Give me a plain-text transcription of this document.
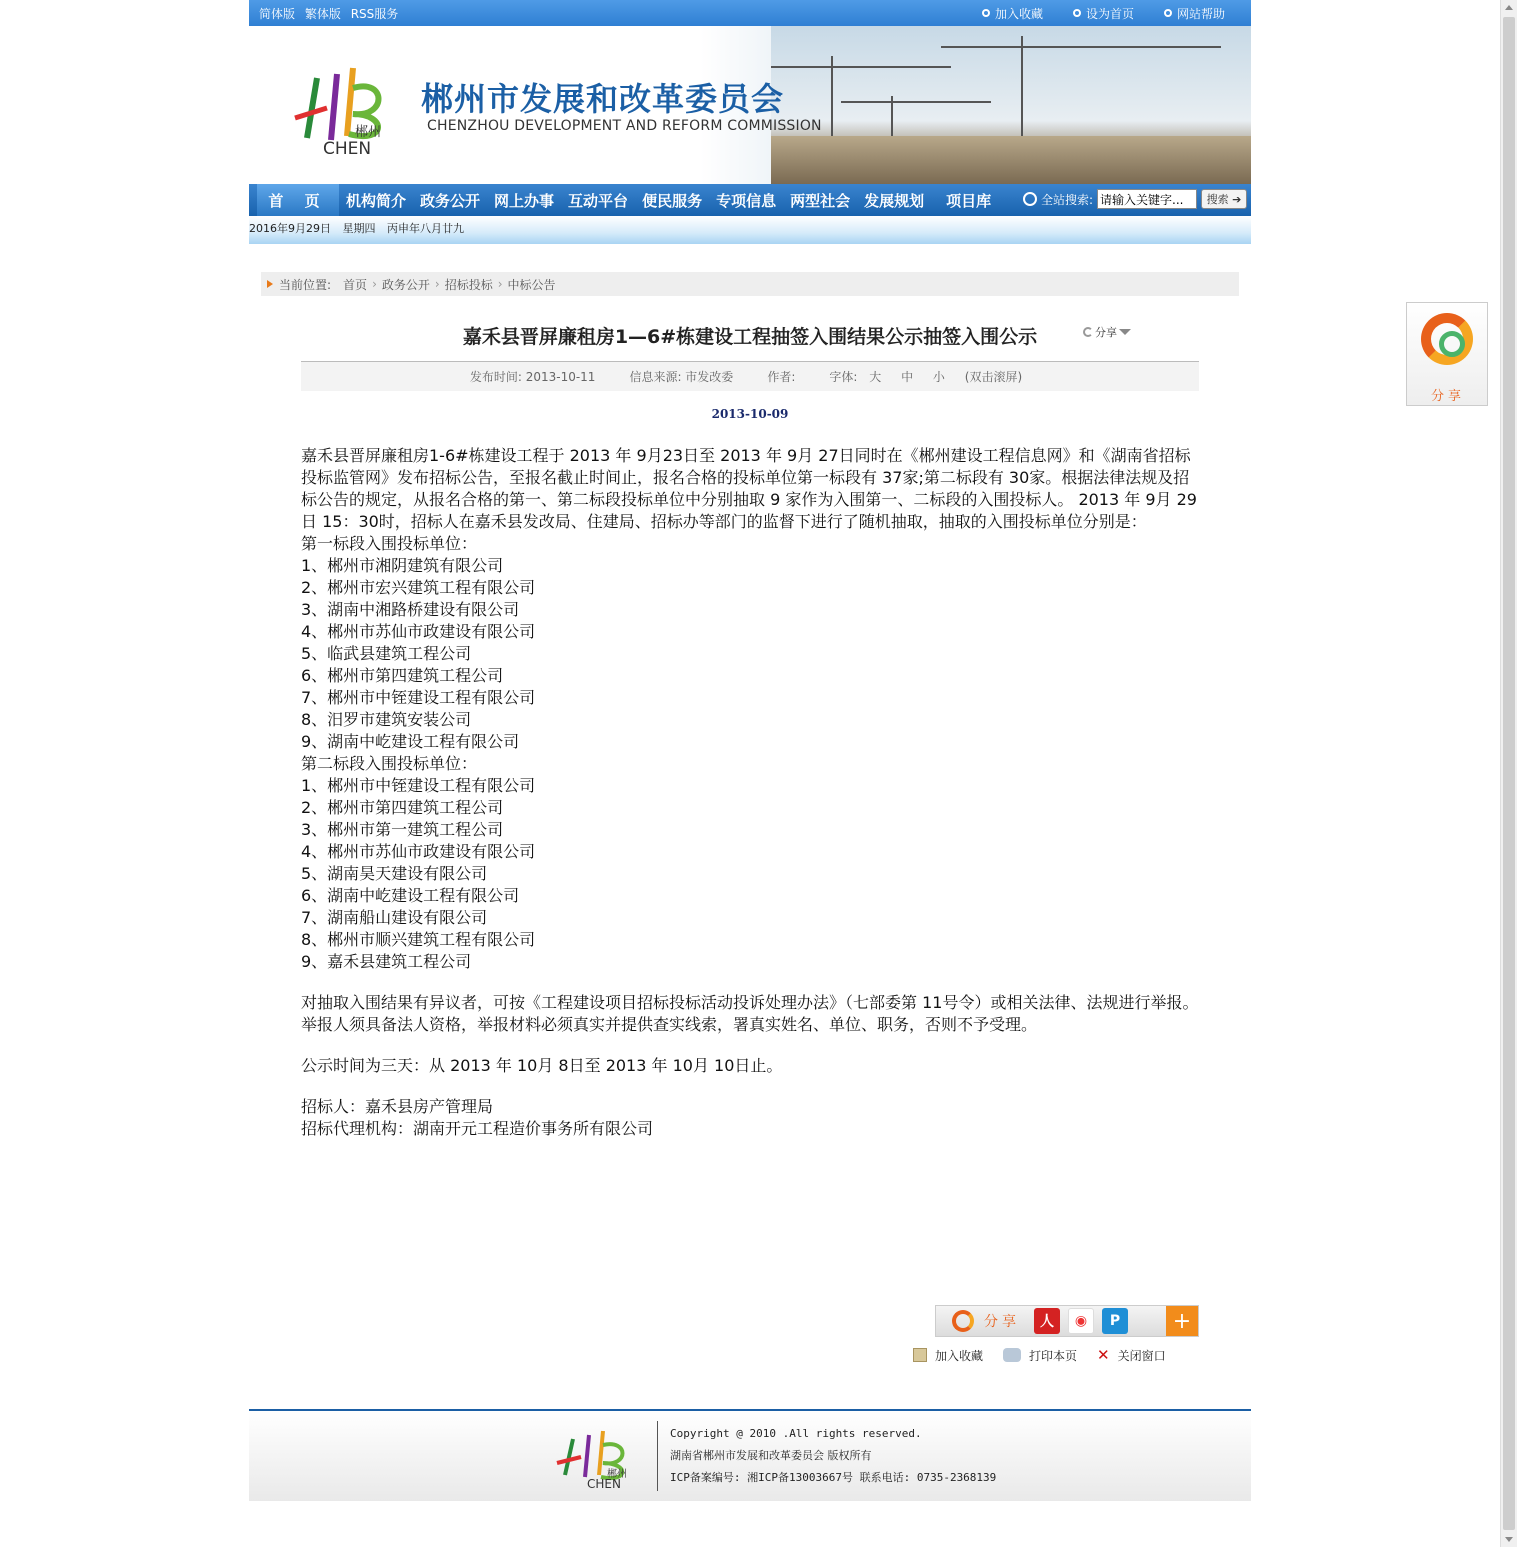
简体版 繁体版 RSS服务	加入收藏	设为首页	网站帮助
郴州
CHEN
郴州市发展和改革委员会
CHENZHOU DEVELOPMENT AND REFORM COMMISSION
首 页	机构简介 政务公开 网上办事 互动平台 便民服务 专项信息 两型社会 发展规划	项目库	全站搜索:
请输入关键字...	搜索 ➔
2016年9月29日 星期四 丙申年八月廿九
当前位置: 首页 › 政务公开 › 招标投标 › 中标公告
嘉禾县晋屏廉租房1—6#栋建设工程抽签入围结果公示抽签入围公示	分享
发布时间: 2013-10-11	信息来源: 市发改委	作者:	字体: 大 中 小 (双击滚屏)
2013-10-09

嘉禾县晋屏廉租房1-6#栋建设工程于 2013 年 9月23日至 2013 年 9月 27日同时在《郴州建设工程信息网》和《湖南省招标投标监管网》发布招标公告，至报名截止时间止，报名合格的投标单位第一标段有 37家;第二标段有 30家。根据法律法规及招标公告的规定，从报名合格的第一、第二标段投标单位中分别抽取 9 家作为入围第一、二标段的入围投标人。 2013 年 9月 29日 15：30时，招标人在嘉禾县发改局、住建局、招标办等部门的监督下进行了随机抽取，抽取的入围投标单位分别是：

第一标段入围投标单位：

1、郴州市湘阴建筑有限公司

2、郴州市宏兴建筑工程有限公司

3、湖南中湘路桥建设有限公司

4、郴州市苏仙市政建设有限公司

5、临武县建筑工程公司

6、郴州市第四建筑工程公司

7、郴州市中铚建设工程有限公司

8、汨罗市建筑安装公司

9、湖南中屹建设工程有限公司

第二标段入围投标单位：

1、郴州市中铚建设工程有限公司

2、郴州市第四建筑工程公司

3、郴州市第一建筑工程公司

4、郴州市苏仙市政建设有限公司

5、湖南昊天建设有限公司

6、湖南中屹建设工程有限公司

7、湖南船山建设有限公司

8、郴州市顺兴建筑工程有限公司

9、嘉禾县建筑工程公司

对抽取入围结果有异议者，可按《工程建设项目招标投标活动投诉处理办法》（七部委第 11号令）或相关法律、法规进行举报。举报人须具备法人资格，举报材料必须真实并提供查实线索，署真实姓名、单位、职务，否则不予受理。

公示时间为三天：从 2013 年 10月 8日至 2013 年 10月 10日止。

招标人：嘉禾县房产管理局

招标代理机构：湖南开元工程造价事务所有限公司

分享	人	◉	P	+
加入收藏	打印本页 ✕ 关闭窗口
郴州
CHEN
Copyright @ 2010 .All rights reserved.
湖南省郴州市发展和改革委员会 版权所有
ICP备案编号: 湘ICP备13003667号 联系电话: 0735-2368139
分享
